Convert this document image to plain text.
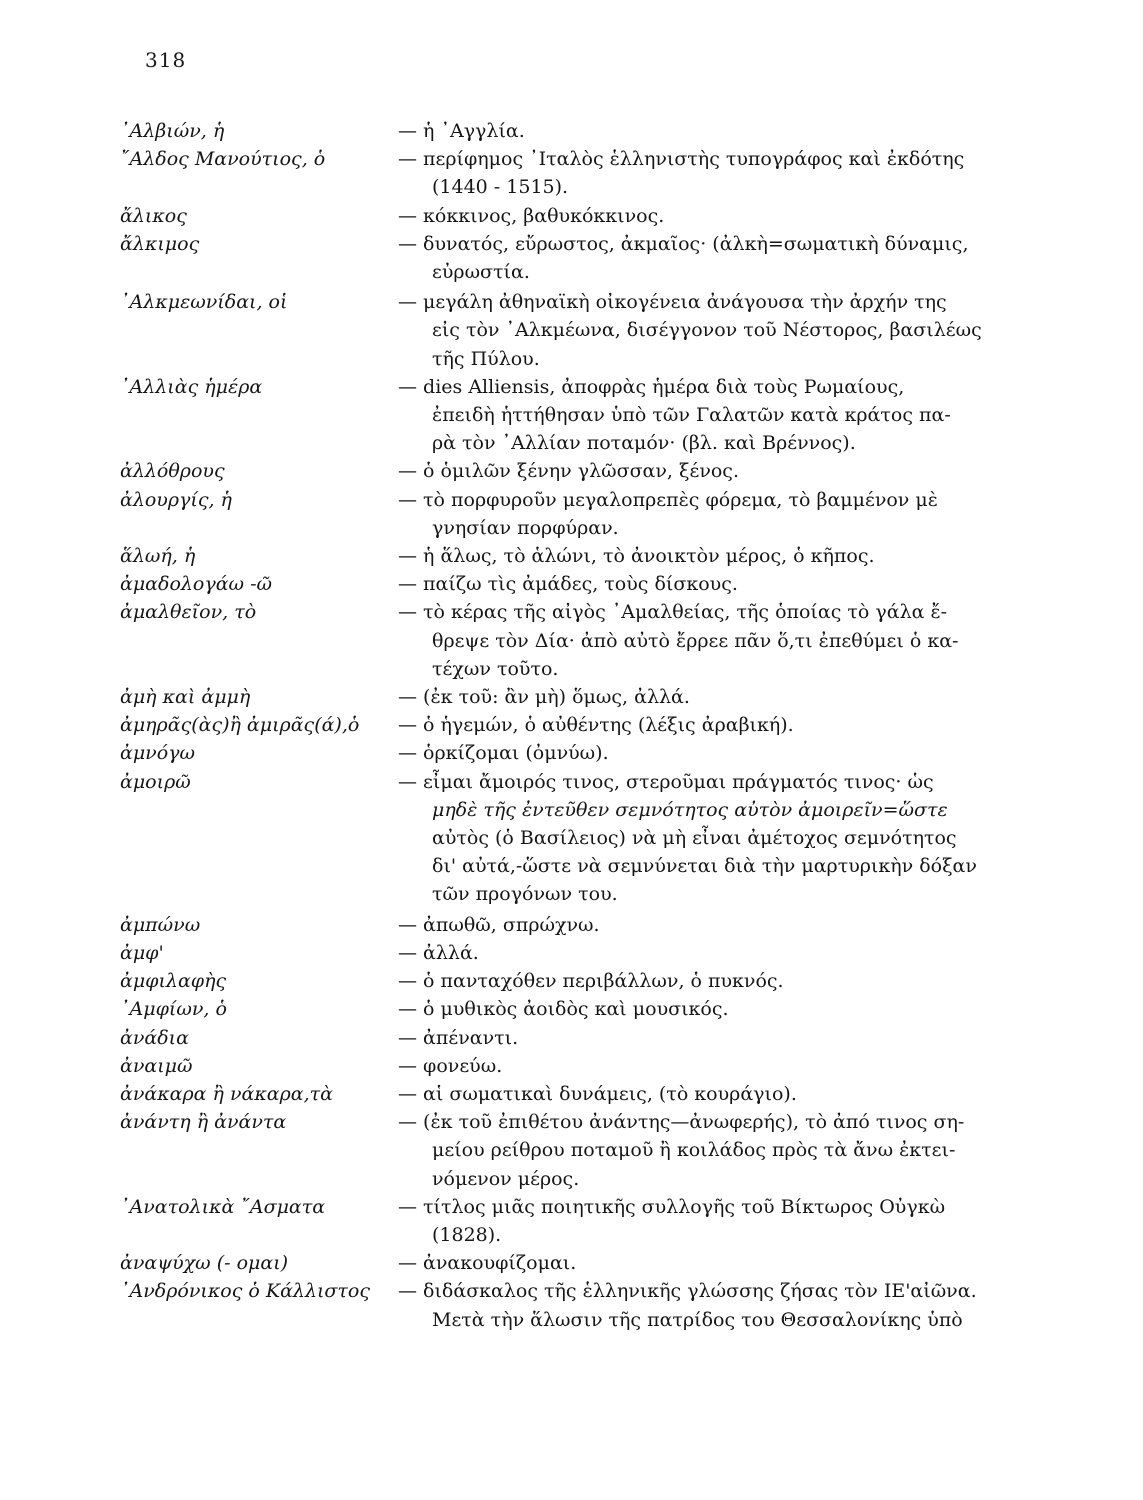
318
᾿Αλβιών, ἡ	— ἡ ᾿Αγγλία.
῎Αλδος Μανούτιος, ὁ	— περίφημος ᾿Ιταλὸς ἑλληνιστὴς τυπογράφος καὶ ἐκδότης
(1440 - 1515).
ἄλικος	— κόκκινος, βαθυκόκκινος.
ἄλκιμος	— δυνατός, εὔρωστος, ἀκμαῖος· (ἀλκὴ=σωματικὴ δύναμις,
εὐρωστία.
᾿Αλκμεωνίδαι, οἱ	— μεγάλη ἀθηναϊκὴ οἰκογένεια ἀνάγουσα τὴν ἀρχήν της
εἰς τὸν ᾿Αλκμέωνα, δισέγγονον τοῦ Νέστορος, βασιλέως
τῆς Πύλου.
᾿Αλλιὰς ἡμέρα	— dies Alliensis, ἀποφρὰς ἡμέρα διὰ τοὺς Ρωμαίους,
ἐπειδὴ ἡττήθησαν ὑπὸ τῶν Γαλατῶν κατὰ κράτος πα-
ρὰ τὸν ᾿Αλλίαν ποταμόν· (βλ. καὶ Βρέννος).
ἀλλόθρους	— ὁ ὁμιλῶν ξένην γλῶσσαν, ξένος.
ἀλουργίς, ἡ	— τὸ πορφυροῦν μεγαλοπρεπὲς φόρεμα, τὸ βαμμένον μὲ
γνησίαν πορφύραν.
ἅλωή, ἡ	— ἡ ἅλως, τὸ ἁλώνι, τὸ ἀνοικτὸν μέρος, ὁ κῆπος.
ἀμαδολογάω -ῶ	— παίζω τὶς ἀμάδες, τοὺς δίσκους.
ἀμαλθεῖον, τὸ	— τὸ κέρας τῆς αἰγὸς ᾿Αμαλθείας, τῆς ὁποίας τὸ γάλα ἔ-
θρεψε τὸν Δία· ἀπὸ αὐτὸ ἔρρεε πᾶν ὅ,τι ἐπεθύμει ὁ κα-
τέχων τοῦτο.
ἀμὴ καὶ ἀμμὴ	— (ἐκ τοῦ: ἂν μὴ) ὅμως, ἀλλά.
ἀμηρᾶς(ὰς)ἢ ἀμιρᾶς(ά),ὁ	— ὁ ἡγεμών, ὁ αὐθέντης (λέξις ἀραβική).
ἀμνόγω	— ὁρκίζομαι (ὀμνύω).
ἀμοιρῶ	— εἶμαι ἄμοιρός τινος, στεροῦμαι πράγματός τινος· ὡς
μηδὲ τῆς ἐντεῦθεν σεμνότητος αὐτὸν ἀμοιρεῖν=ὥστε
αὐτὸς (ὁ Βασίλειος) νὰ μὴ εἶναι ἀμέτοχος σεμνότητος
δι' αὐτά,-ὥστε νὰ σεμνύνεται διὰ τὴν μαρτυρικὴν δόξαν
τῶν προγόνων του.
ἀμπώνω	— ἀπωθῶ, σπρώχνω.
ἀμφ'	— ἀλλά.
ἀμφιλαφὴς	— ὁ πανταχόθεν περιβάλλων, ὁ πυκνός.
᾿Αμφίων, ὁ	— ὁ μυθικὸς ἀοιδὸς καὶ μουσικός.
ἀνάδια	— ἀπέναντι.
ἀναιμῶ	— φονεύω.
ἀνάκαρα ἢ νάκαρα,τὰ	— αἱ σωματικαὶ δυνάμεις, (τὸ κουράγιο).
ἀνάντη ἢ ἀνάντα	— (ἐκ τοῦ ἐπιθέτου ἀνάντης—ἀνωφερής), τὸ ἀπό τινος ση-
μείου ρείθρου ποταμοῦ ἢ κοιλάδος πρὸς τὰ ἄνω ἐκτει-
νόμενον μέρος.
᾿Ανατολικὰ ῎Ασματα	— τίτλος μιᾶς ποιητικῆς συλλογῆς τοῦ Βίκτωρος Οὐγκὼ
(1828).
ἀναψύχω (- ομαι)	— ἀνακουφίζομαι.
᾿Ανδρόνικος ὁ Κάλλιστος	— διδάσκαλος τῆς ἑλληνικῆς γλώσσης ζήσας τὸν ΙΕ'αἰῶνα.
Μετὰ τὴν ἅλωσιν τῆς πατρίδος του Θεσσαλονίκης ὑπὸ
